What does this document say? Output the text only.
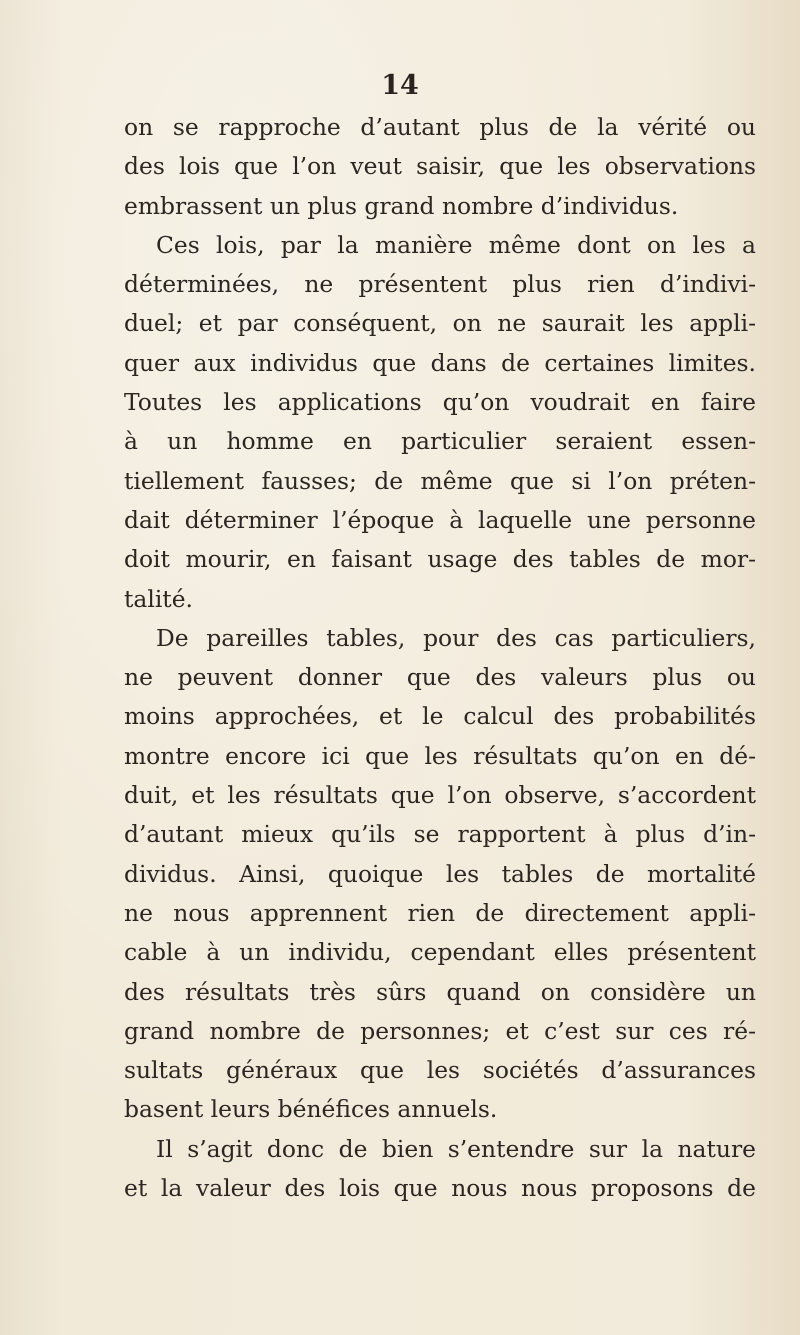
14
on se rapproche d’autant plus de la vérité ou
des lois que l’on veut saisir, que les observations
embrassent un plus grand nombre d’individus.
Ces lois, par la manière même dont on les a
déterminées, ne présentent plus rien d’indivi-
duel; et par conséquent, on ne saurait les appli-
quer aux individus que dans de certaines limites.
Toutes les applications qu’on voudrait en faire
à un homme en particulier seraient essen-
tiellement fausses; de même que si l’on préten-
dait déterminer l’époque à laquelle une personne
doit mourir, en faisant usage des tables de mor-
talité.
De pareilles tables, pour des cas particuliers,
ne peuvent donner que des valeurs plus ou
moins approchées, et le calcul des probabilités
montre encore ici que les résultats qu’on en dé-
duit, et les résultats que l’on observe, s’accordent
d’autant mieux qu’ils se rapportent à plus d’in-
dividus. Ainsi, quoique les tables de mortalité
ne nous apprennent rien de directement appli-
cable à un individu, cependant elles présentent
des résultats très sûrs quand on considère un
grand nombre de personnes; et c’est sur ces ré-
sultats généraux que les sociétés d’assurances
basent leurs bénéfices annuels.
Il s’agit donc de bien s’entendre sur la nature
et la valeur des lois que nous nous proposons de
